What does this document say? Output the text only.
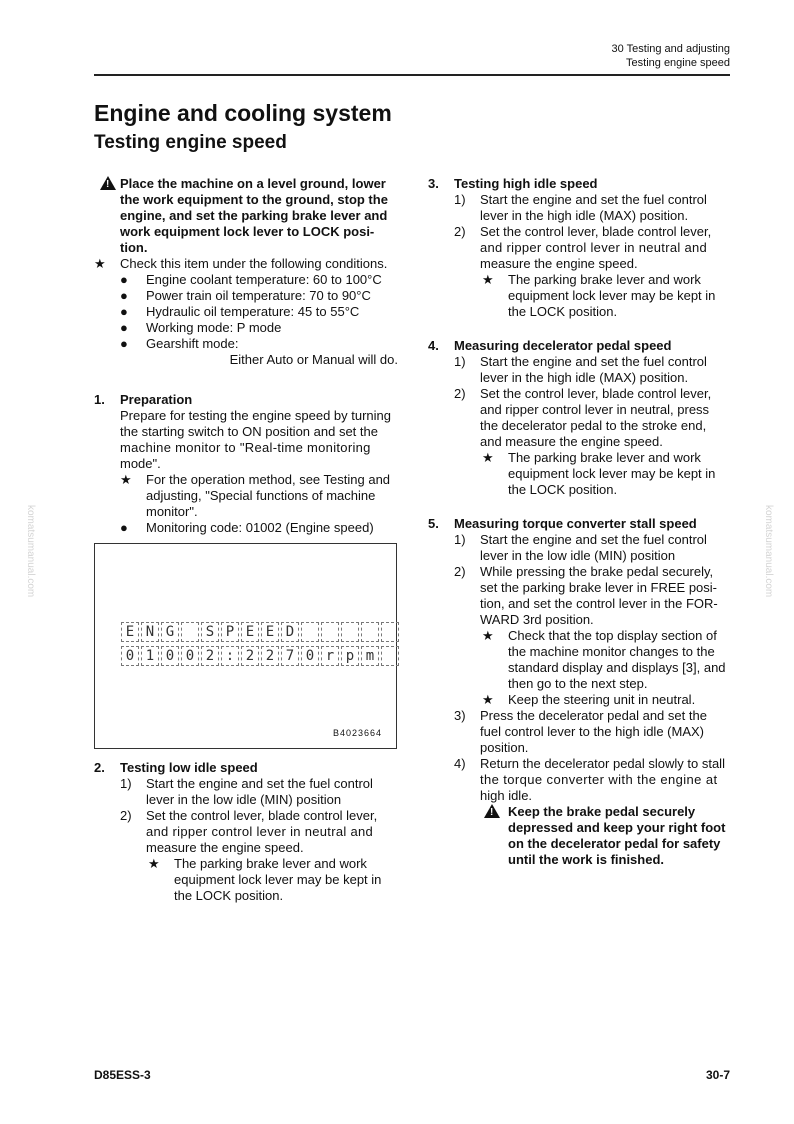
30 Testing and adjusting
Testing engine speed
Engine and cooling system
Testing engine speed
komatsumanual.com	komatsumanual.com
!
Place the machine on a level ground, lower
the work equipment to the ground, stop the
engine, and set the parking brake lever and
work equipment lock lever to LOCK posi-
tion.
★ Check this item under the following conditions.
● Engine coolant temperature: 60 to 100°C
● Power train oil temperature: 70 to 90°C
● Hydraulic oil temperature: 45 to 55°C
● Working mode: P mode
● Gearshift mode:
Either Auto or Manual will do.
1. Preparation
Prepare for testing the engine speed by turning
the starting switch to ON position and set the
machine monitor to "Real-time monitoring
mode".
★ For the operation method, see Testing and
adjusting, "Special functions of machine
monitor".
● Monitoring code: 01002 (Engine speed)
E N G	S P E E D
0 1 0 0 2 : 2 2 7 0 r p m
B4023664
2. Testing low idle speed
1) Start the engine and set the fuel control
lever in the low idle (MIN) position
2) Set the control lever, blade control lever,
and ripper control lever in neutral and
measure the engine speed.
★ The parking brake lever and work
equipment lock lever may be kept in
the LOCK position.
3. Testing high idle speed
1) Start the engine and set the fuel control
lever in the high idle (MAX) position.
2) Set the control lever, blade control lever,
and ripper control lever in neutral and
measure the engine speed.
★ The parking brake lever and work
equipment lock lever may be kept in
the LOCK position.
4. Measuring decelerator pedal speed
1) Start the engine and set the fuel control
lever in the high idle (MAX) position.
2) Set the control lever, blade control lever,
and ripper control lever in neutral, press
the decelerator pedal to the stroke end,
and measure the engine speed.
★ The parking brake lever and work
equipment lock lever may be kept in
the LOCK position.
5. Measuring torque converter stall speed
1) Start the engine and set the fuel control
lever in the low idle (MIN) position
2) While pressing the brake pedal securely,
set the parking brake lever in FREE posi-
tion, and set the control lever in the FOR-
WARD 3rd position.
★ Check that the top display section of
the machine monitor changes to the
standard display and displays [3], and
then go to the next step.
★ Keep the steering unit in neutral.
3) Press the decelerator pedal and set the
fuel control lever to the high idle (MAX)
position.
4) Return the decelerator pedal slowly to stall
the torque converter with the engine at
high idle.
!
Keep the brake pedal securely
depressed and keep your right foot
on the decelerator pedal for safety
until the work is finished.
D85ESS-3	30-7
